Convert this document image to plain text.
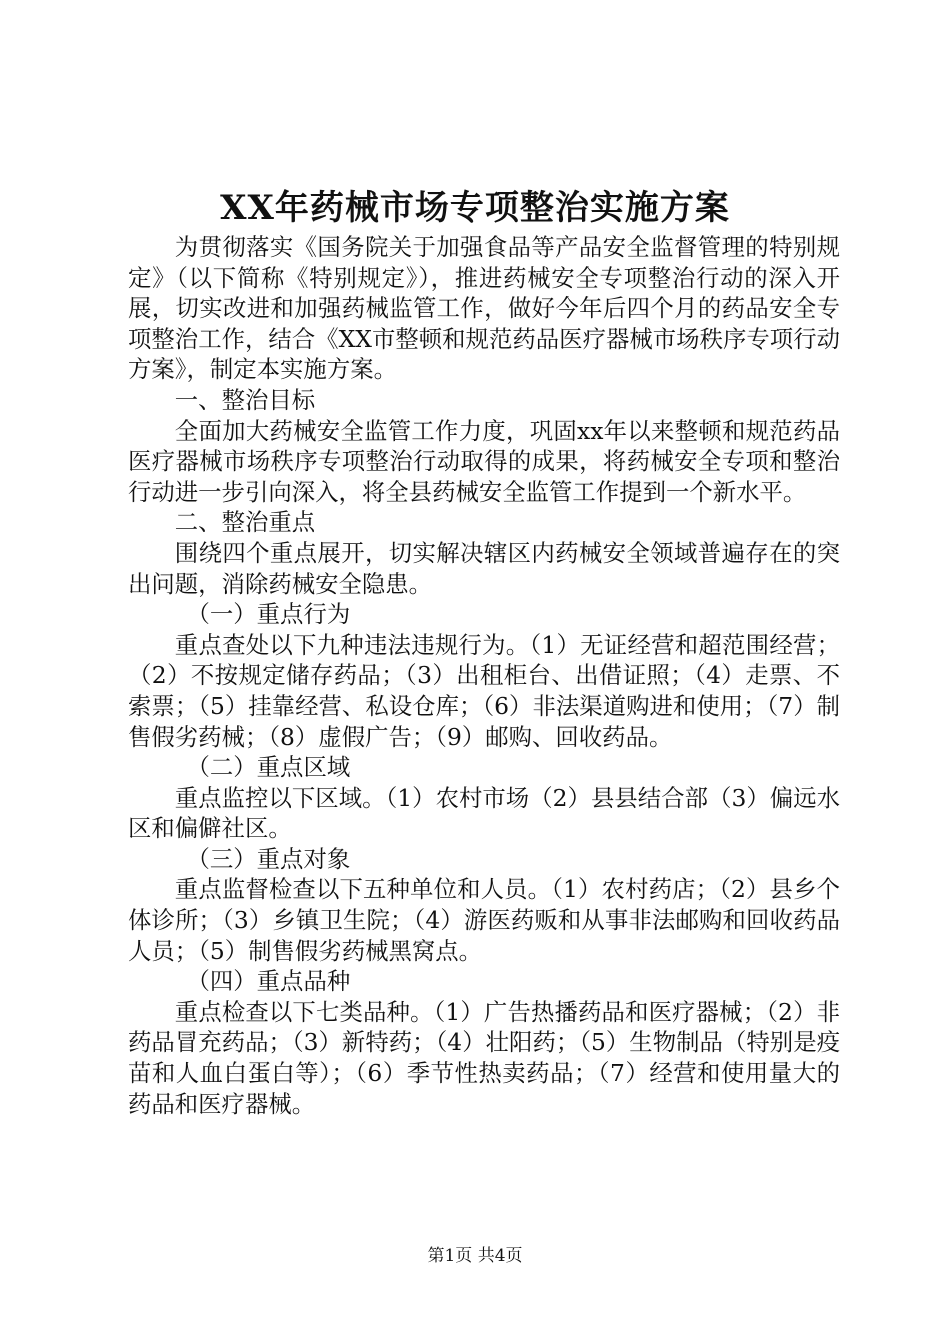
XX年药械市场专项整治实施方案

为贯彻落实《国务院关于加强食品等产品安全监督管理的特别规定》（以下简称《特别规定》），推进药械安全专项整治行动的深入开展，切实改进和加强药械监管工作，做好今年后四个月的药品安全专项整治工作，结合《XX市整顿和规范药品医疗器械市场秩序专项行动方案》，制定本实施方案。

一、整治目标

全面加大药械安全监管工作力度，巩固xx年以来整顿和规范药品医疗器械市场秩序专项整治行动取得的成果，将药械安全专项和整治行动进一步引向深入，将全县药械安全监管工作提到一个新水平。

二、整治重点

围绕四个重点展开，切实解决辖区内药械安全领域普遍存在的突出问题，消除药械安全隐患。

（一）重点行为

重点查处以下九种违法违规行为。（1）无证经营和超范围经营；（2）不按规定储存药品；（3）出租柜台、出借证照；（4）走票、不索票；（5）挂靠经营、私设仓库；（6）非法渠道购进和使用；（7）制售假劣药械；（8）虚假广告；（9）邮购、回收药品。

（二）重点区域

重点监控以下区域。（1）农村市场（2）县县结合部（3）偏远水区和偏僻社区。

（三）重点对象

重点监督检查以下五种单位和人员。（1）农村药店；（2）县乡个体诊所；（3）乡镇卫生院；（4）游医药贩和从事非法邮购和回收药品人员；（5）制售假劣药械黑窝点。

（四）重点品种

重点检查以下七类品种。（1）广告热播药品和医疗器械；（2）非药品冒充药品；（3）新特药；（4）壮阳药；（5）生物制品（特别是疫苗和人血白蛋白等）；（6）季节性热卖药品；（7）经营和使用量大的药品和医疗器械。

第1页 共4页
